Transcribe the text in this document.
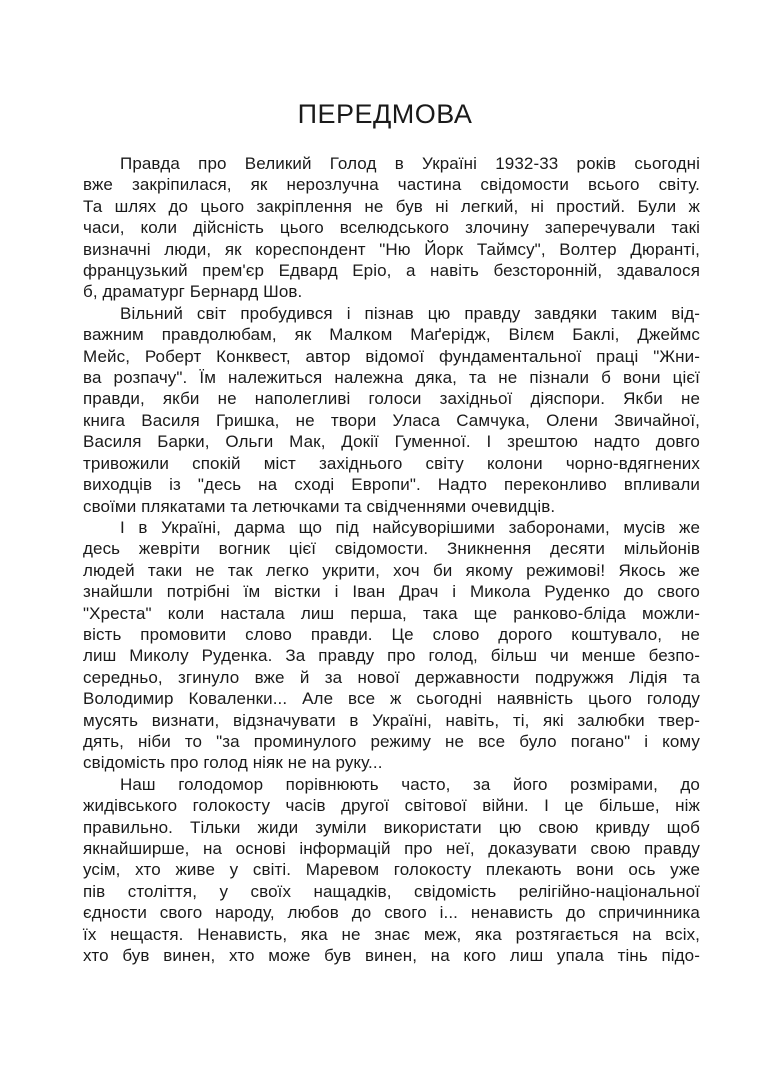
ПЕРЕДМОВА

Правда про Великий Голод в Україні 1932-33 років сьогодні
вже закріпилася, як нерозлучна частина свідомости всього світу.
Та шлях до цього закріплення не був ні легкий, ні простий. Були ж
часи, коли дійсність цього вселюдського злочину заперечували такі
визначні люди, як кореспондент "Ню Йорк Таймсу", Волтер Дюранті,
французький прем'єр Едвард Еріо, а навіть безсторонній, здавалося
б, драматург Бернард Шов.

Вільний світ пробудився і пізнав цю правду завдяки таким від-
важним правдолюбам, як Малком Маґерідж, Вілєм Баклі, Джеймс
Мейс, Роберт Конквест, автор відомої фундаментальної праці "Жни-
ва розпачу". Їм належиться належна дяка, та не пізнали б вони цієї
правди, якби не наполегливі голоси західньої діяспори. Якби не
книга Василя Гришка, не твори Уласа Самчука, Олени Звичайної,
Василя Барки, Ольги Мак, Докії Гуменної. І зрештою надто довго
тривожили спокій міст західнього світу колони чорно-вдягнених
виходців із "десь на сході Европи". Надто переконливо впливали
своїми плякатами та летючками та свідченнями очевидців.

І в Україні, дарма що під найсуворішими заборонами, мусів же
десь жевріти вогник цієї свідомости. Зникнення десяти мільйонів
людей таки не так легко укрити, хоч би якому режимові! Якось же
знайшли потрібні їм вістки і Іван Драч і Микола Руденко до свого
"Хреста" коли настала лиш перша, така ще ранково-бліда можли-
вість промовити слово правди. Це слово дорого коштувало, не
лиш Миколу Руденка. За правду про голод, більш чи менше безпо-
середньо, згинуло вже й за нової державности подружжя Лідія та
Володимир Коваленки... Але все ж сьогодні наявність цього голоду
мусять визнати, відзначувати в Україні, навіть, ті, які залюбки твер-
дять, ніби то "за проминулого режиму не все було погано" і кому
свідомість про голод ніяк не на руку...

Наш голодомор порівнюють часто, за його розмірами, до
жидівського голокосту часів другої світової війни. І це більше, ніж
правильно. Тільки жиди зуміли використати цю свою кривду щоб
якнайширше, на основі інформацій про неї, доказувати свою правду
усім, хто живе у світі. Маревом голокосту плекають вони ось уже
пів століття, у своїх нащадків, свідомість релігійно-національної
єдности свого народу, любов до свого і... ненависть до спричинника
їх нещастя. Ненависть, яка не знає меж, яка розтягається на всіх,
хто був винен, хто може був винен, на кого лиш упала тінь підо-
